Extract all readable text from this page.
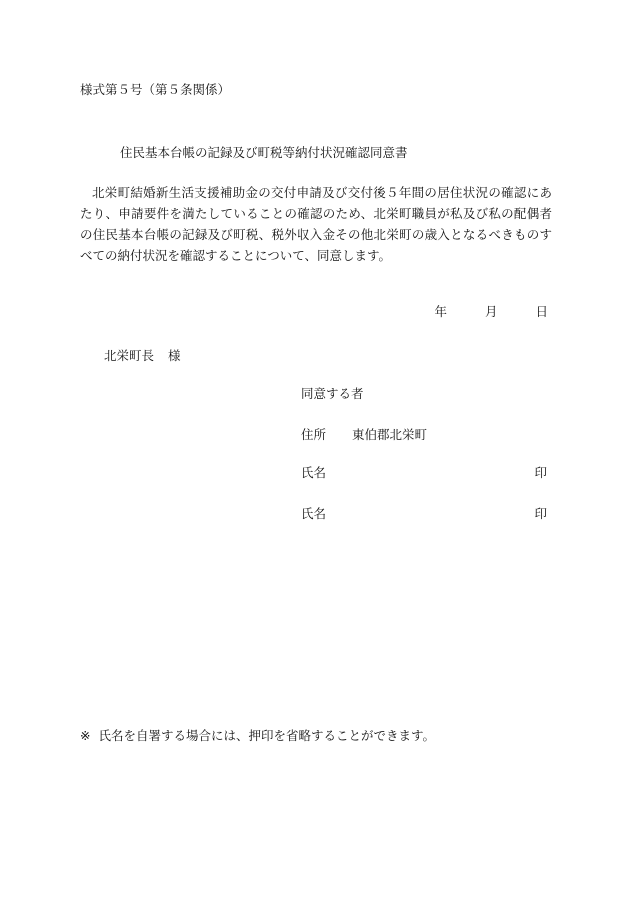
様式第５号（第５条関係）
住民基本台帳の記録及び町税等納付状況確認同意書

北栄町結婚新生活支援補助金の交付申請及び交付後５年間の居住状況の確認にあたり、申請要件を満たしていることの確認のため、北栄町職員が私及び私の配偶者の住民基本台帳の記録及び町税、税外収入金その他北栄町の歳入となるべきものすべての納付状況を確認することについて、同意します。

年	月	日
北栄町長 様
同意する者
住所 東伯郡北栄町
氏名	印
氏名	印
※ 氏名を自署する場合には、押印を省略することができます。
